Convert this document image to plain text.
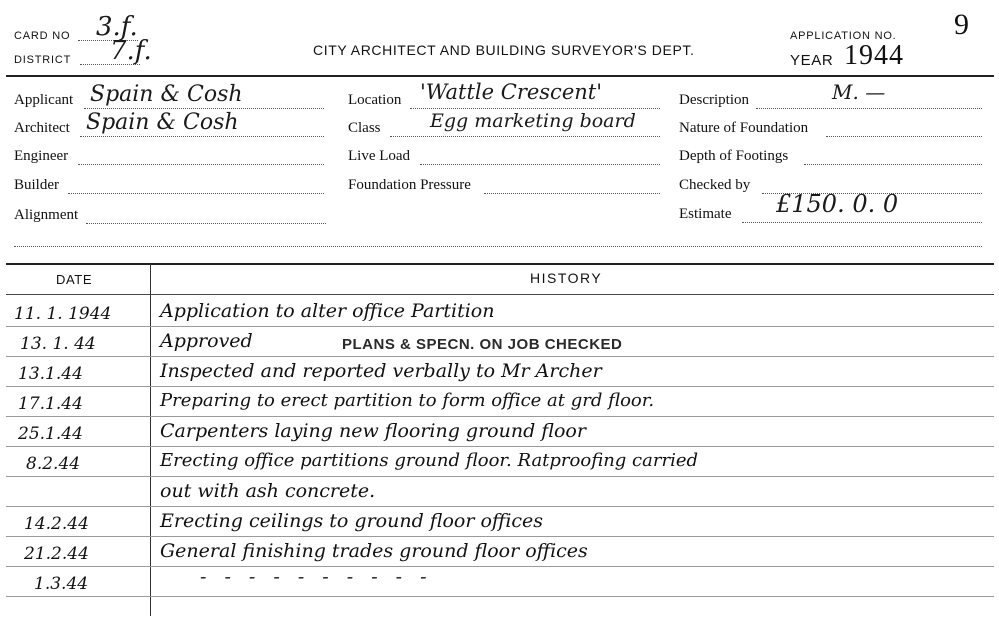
CARD NO 3.f.
DISTRICT 7.f.	CITY ARCHITECT AND BUILDING SURVEYOR'S DEPT.
APPLICATION NO. 9
YEAR 1944
Applicant Spain & Cosh
Architect Spain & Cosh
Engineer
Builder
Alignment
Location 'Wattle Crescent'
Class	Egg marketing board
Live Load
Foundation Pressure
Description	M. —
Nature of Foundation
Depth of Footings
Checked by
Estimate £150. 0. 0
DATE	HISTORY
11. 1. 1944	Application to alter office Partition
13. 1. 44	Approved	PLANS & SPECN. ON JOB CHECKED
13.1.44	Inspected and reported verbally to Mr Archer
17.1.44	Preparing to erect partition to form office at grd floor.
25.1.44	Carpenters laying new flooring ground floor
8.2.44	Erecting office partitions ground floor. Ratproofing carried
out with ash concrete.
14.2.44	Erecting ceilings to ground floor offices
21.2.44	General finishing trades ground floor offices
1.3.44	- - - - - - - - - -
